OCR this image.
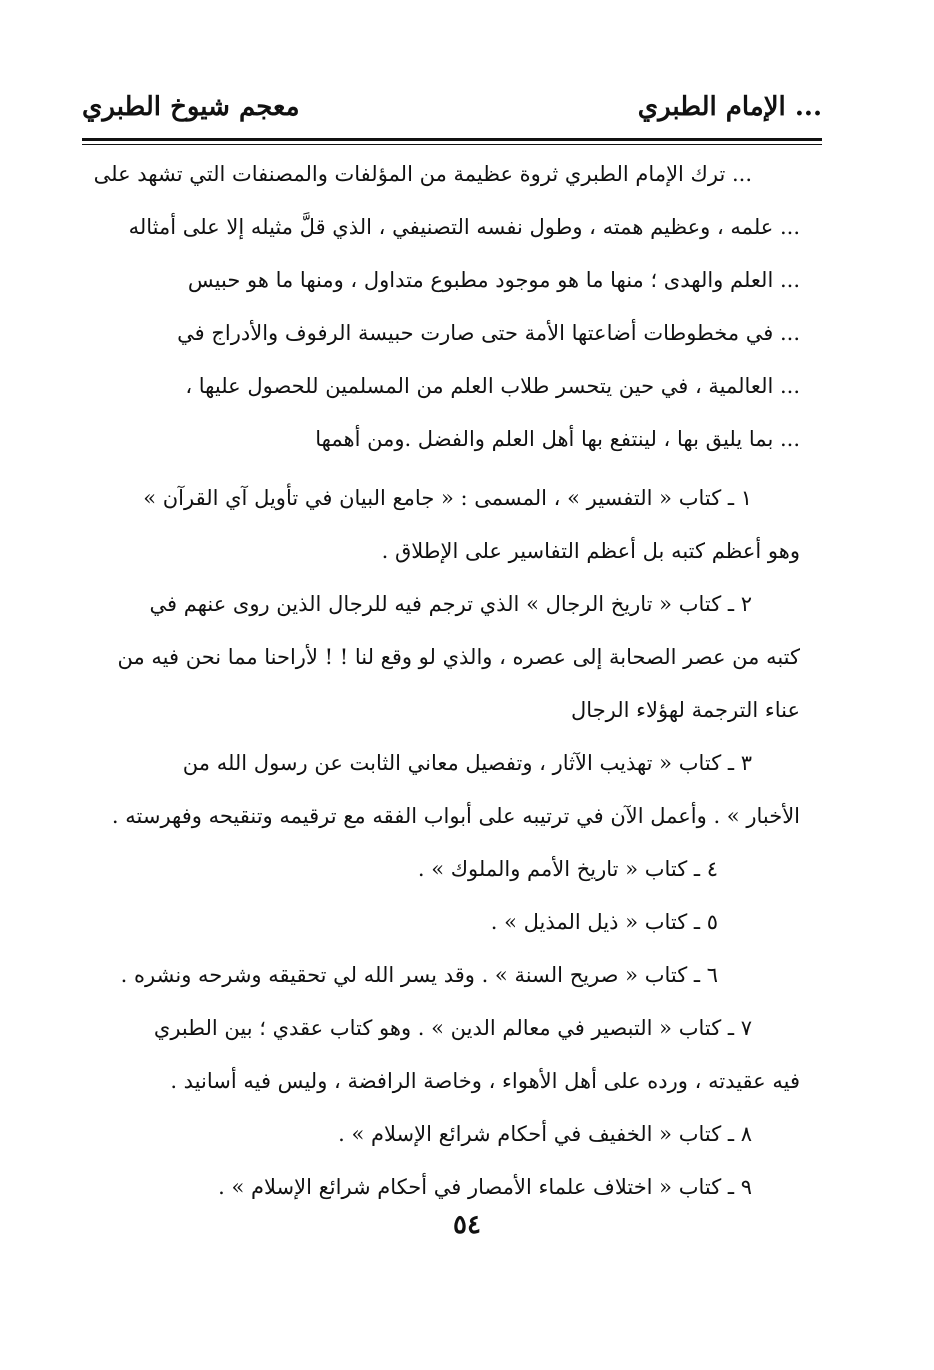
... الإمام الطبري
معجم شيوخ الطبري
... ترك الإمام الطبري ثروة عظيمة من المؤلفات والمصنفات التي تشهد على
... علمه ، وعظيم همته ، وطول نفسه التصنيفي ، الذي قلَّ مثيله إلا على أمثاله
... العلم والهدى ؛ منها ما هو موجود مطبوع متداول ، ومنها ما هو حبيس
... في مخطوطات أضاعتها الأمة حتى صارت حبيسة الرفوف والأدراج في
... العالمية ، في حين يتحسر طلاب العلم من المسلمين للحصول عليها ،
... بما يليق بها ، لينتفع بها أهل العلم والفضل .ومن أهمها
١ ـ كتاب « التفسير » ، المسمى : « جامع البيان في تأويل آي القرآن »
وهو أعظم كتبه بل أعظم التفاسير على الإطلاق .
٢ ـ كتاب « تاريخ الرجال » الذي ترجم فيه للرجال الذين روى عنهم في
كتبه من عصر الصحابة إلى عصره ، والذي لو وقع لنا ! ! لأراحنا مما نحن فيه من
عناء الترجمة لهؤلاء الرجال
٣ ـ كتاب « تهذيب الآثار ، وتفصيل معاني الثابت عن رسول الله من
الأخبار » . وأعمل الآن في ترتيبه على أبواب الفقه مع ترقيمه وتنقيحه وفهرسته .
٤ ـ كتاب « تاريخ الأمم والملوك » .
٥ ـ كتاب « ذيل المذيل » .
٦ ـ كتاب « صريح السنة » . وقد يسر الله لي تحقيقه وشرحه ونشره .
٧ ـ كتاب « التبصير في معالم الدين » . وهو كتاب عقدي ؛ بين الطبري
فيه عقيدته ، ورده على أهل الأهواء ، وخاصة الرافضة ، وليس فيه أسانيد .
٨ ـ كتاب « الخفيف في أحكام شرائع الإسلام » .
٩ ـ كتاب « اختلاف علماء الأمصار في أحكام شرائع الإسلام » .
٥٤
